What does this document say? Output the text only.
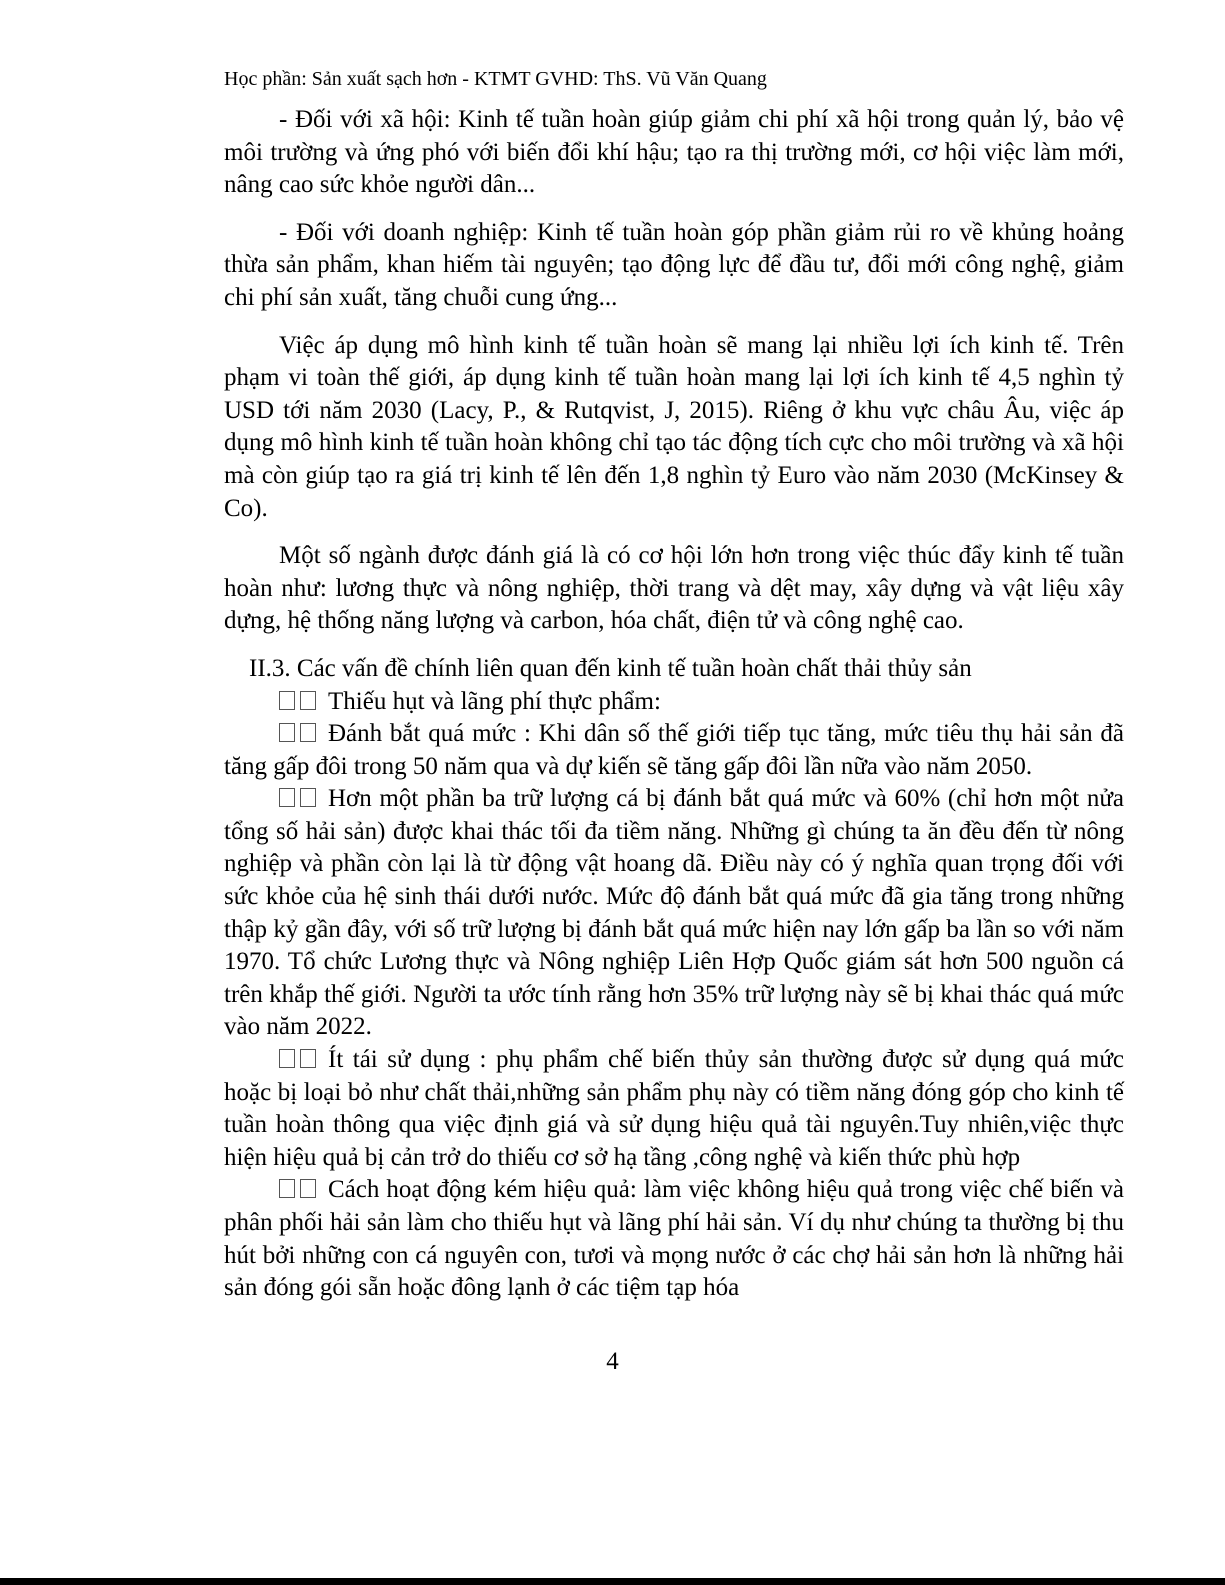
Học phần: Sản xuất sạch hơn - KTMT GVHD: ThS. Vũ Văn Quang

- Đối với xã hội: Kinh tế tuần hoàn giúp giảm chi phí xã hội trong quản lý, bảo vệ môi trường và ứng phó với biến đổi khí hậu; tạo ra thị trường mới, cơ hội việc làm mới, nâng cao sức khỏe người dân...

- Đối với doanh nghiệp: Kinh tế tuần hoàn góp phần giảm rủi ro về khủng hoảng thừa sản phẩm, khan hiếm tài nguyên; tạo động lực để đầu tư, đổi mới công nghệ, giảm chi phí sản xuất, tăng chuỗi cung ứng...

Việc áp dụng mô hình kinh tế tuần hoàn sẽ mang lại nhiều lợi ích kinh tế. Trên phạm vi toàn thế giới, áp dụng kinh tế tuần hoàn mang lại lợi ích kinh tế 4,5 nghìn tỷ USD tới năm 2030 (Lacy, P., & Rutqvist, J, 2015). Riêng ở khu vực châu Âu, việc áp dụng mô hình kinh tế tuần hoàn không chỉ tạo tác động tích cực cho môi trường và xã hội mà còn giúp tạo ra giá trị kinh tế lên đến 1,8 nghìn tỷ Euro vào năm 2030 (McKinsey & Co).

Một số ngành được đánh giá là có cơ hội lớn hơn trong việc thúc đẩy kinh tế tuần hoàn như: lương thực và nông nghiệp, thời trang và dệt may, xây dựng và vật liệu xây dựng, hệ thống năng lượng và carbon, hóa chất, điện tử và công nghệ cao.

II.3. Các vấn đề chính liên quan đến kinh tế tuần hoàn chất thải thủy sản

Thiếu hụt và lãng phí thực phẩm:

Đánh bắt quá mức : Khi dân số thế giới tiếp tục tăng, mức tiêu thụ hải sản đã tăng gấp đôi trong 50 năm qua và dự kiến sẽ tăng gấp đôi lần nữa vào năm 2050.

Hơn một phần ba trữ lượng cá bị đánh bắt quá mức và 60% (chỉ hơn một nửa tổng số hải sản) được khai thác tối đa tiềm năng. Những gì chúng ta ăn đều đến từ nông nghiệp và phần còn lại là từ động vật hoang dã. Điều này có ý nghĩa quan trọng đối với sức khỏe của hệ sinh thái dưới nước. Mức độ đánh bắt quá mức đã gia tăng trong những thập kỷ gần đây, với số trữ lượng bị đánh bắt quá mức hiện nay lớn gấp ba lần so với năm 1970. Tổ chức Lương thực và Nông nghiệp Liên Hợp Quốc giám sát hơn 500 nguồn cá trên khắp thế giới. Người ta ước tính rằng hơn 35% trữ lượng này sẽ bị khai thác quá mức vào năm 2022.

Ít tái sử dụng : phụ phẩm chế biến thủy sản thường được sử dụng quá mức hoặc bị loại bỏ như chất thải,những sản phẩm phụ này có tiềm năng đóng góp cho kinh tế tuần hoàn thông qua việc định giá và sử dụng hiệu quả tài nguyên.Tuy nhiên,việc thực hiện hiệu quả bị cản trở do thiếu cơ sở hạ tầng ,công nghệ và kiến thức phù hợp

Cách hoạt động kém hiệu quả: làm việc không hiệu quả trong việc chế biến và phân phối hải sản làm cho thiếu hụt và lãng phí hải sản. Ví dụ như chúng ta thường bị thu hút bởi những con cá nguyên con, tươi và mọng nước ở các chợ hải sản hơn là những hải sản đóng gói sẵn hoặc đông lạnh ở các tiệm tạp hóa

4
